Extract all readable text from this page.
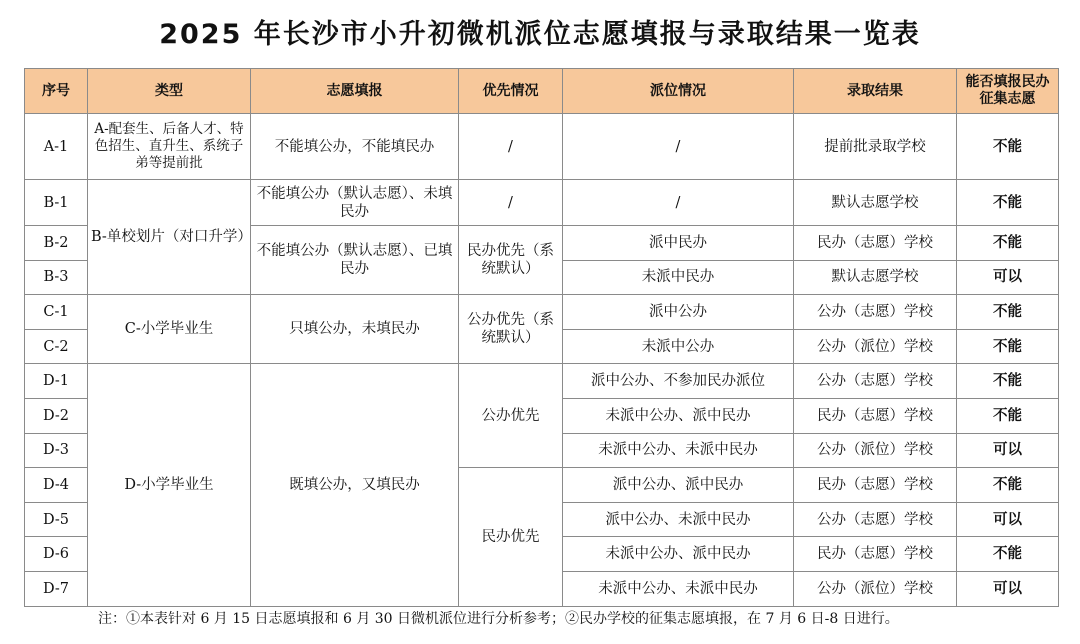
2025 年长沙市小升初微机派位志愿填报与录取结果一览表
序号	类型	志愿填报	优先情况	派位情况	录取结果	能否填报民办征集志愿
A-1	A-配套生、后备人才、特色招生、直升生、系统子弟等提前批	不能填公办，不能填民办	/	/	提前批录取学校	不能
B-1	B-单校划片（对口升学）	不能填公办（默认志愿）、未填民办	/	/	默认志愿学校	不能
B-2		不能填公办（默认志愿）、已填民办	民办优先（系统默认）	派中民办	民办（志愿）学校	不能
B-3				未派中民办	默认志愿学校	可以
C-1	C-小学毕业生	只填公办，未填民办	公办优先（系统默认）	派中公办	公办（志愿）学校	不能
C-2				未派中公办	公办（派位）学校	不能
D-1	D-小学毕业生	既填公办，又填民办	公办优先	派中公办、不参加民办派位	公办（志愿）学校	不能
D-2				未派中公办、派中民办	民办（志愿）学校	不能
D-3				未派中公办、未派中民办	公办（派位）学校	可以
D-4			民办优先	派中公办、派中民办	民办（志愿）学校	不能
D-5				派中公办、未派中民办	公办（志愿）学校	可以
D-6				未派中公办、派中民办	民办（志愿）学校	不能
D-7				未派中公办、未派中民办	公办（派位）学校	可以
注：①本表针对 6 月 15 日志愿填报和 6 月 30 日微机派位进行分析参考；②民办学校的征集志愿填报，在 7 月 6 日-8 日进行。
